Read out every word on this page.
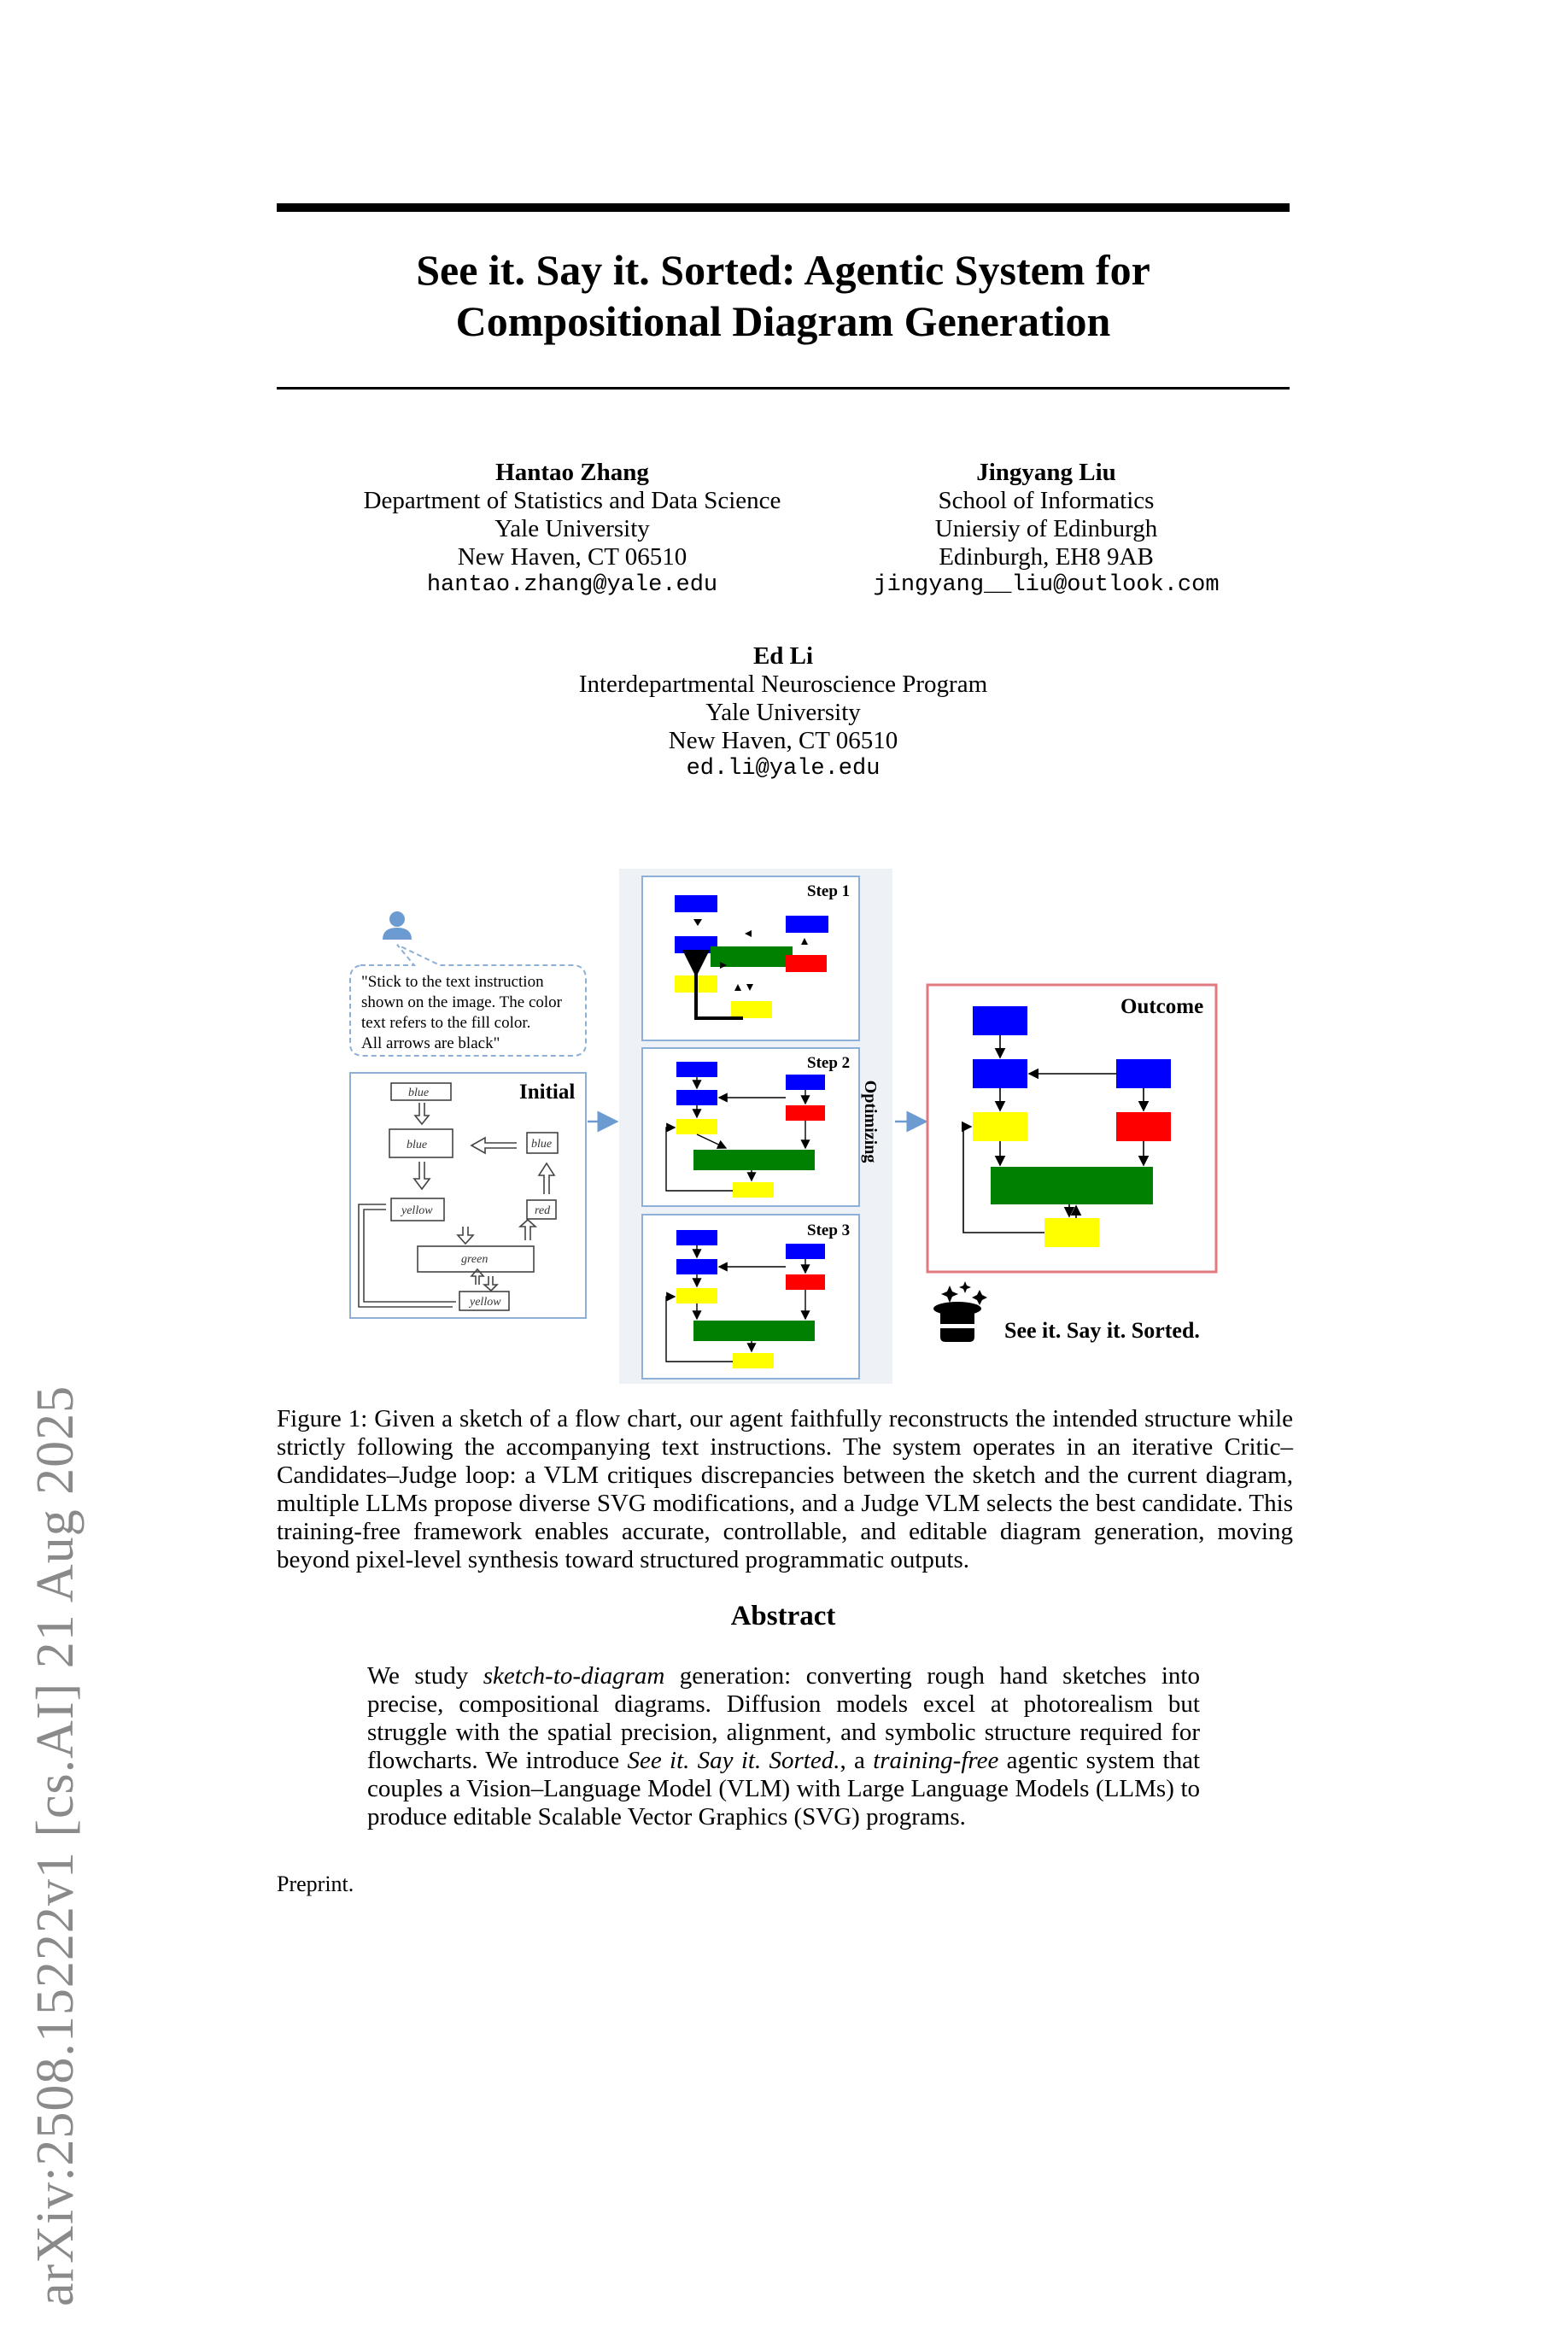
arXiv:2508.15222v1 [cs.AI] 21 Aug 2025
See it. Say it. Sorted: Agentic System for
Compositional Diagram Generation
Hantao Zhang
Department of Statistics and Data Science
Yale University
New Haven, CT 06510
hantao.zhang@yale.edu
Jingyang Liu
School of Informatics
Uniersiy of Edinburgh
Edinburgh, EH8 9AB
jingyang__liu@outlook.com
Ed Li
Interdepartmental Neuroscience Program
Yale University
New Haven, CT 06510
ed.li@yale.edu
"Stick to the text instruction
shown on the image. The color
text refers to the fill color.
All arrows are black"
Initial
blue
blue	blue
yellow	red
green
yellow
Step 1
Step 2
Step 3
Optimizing
Outcome
See it. Say it. Sorted.
Figure 1: Given a sketch of a flow chart, our agent faithfully reconstructs the intended structure while strictly following the accompanying text instructions. The system operates in an iterative Critic–Candidates–Judge loop: a VLM critiques discrepancies between the sketch and the current diagram, multiple LLMs propose diverse SVG modifications, and a Judge VLM selects the best candidate. This training-free framework enables accurate, controllable, and editable diagram generation, moving beyond pixel-level synthesis toward structured programmatic outputs.
Abstract
We study sketch-to-diagram generation: converting rough hand sketches into precise, compositional diagrams. Diffusion models excel at photorealism but struggle with the spatial precision, alignment, and symbolic structure required for flowcharts. We introduce See it. Say it. Sorted., a training-free agentic system that couples a Vision–Language Model (VLM) with Large Language Models (LLMs) to produce editable Scalable Vector Graphics (SVG) programs.
Preprint.
